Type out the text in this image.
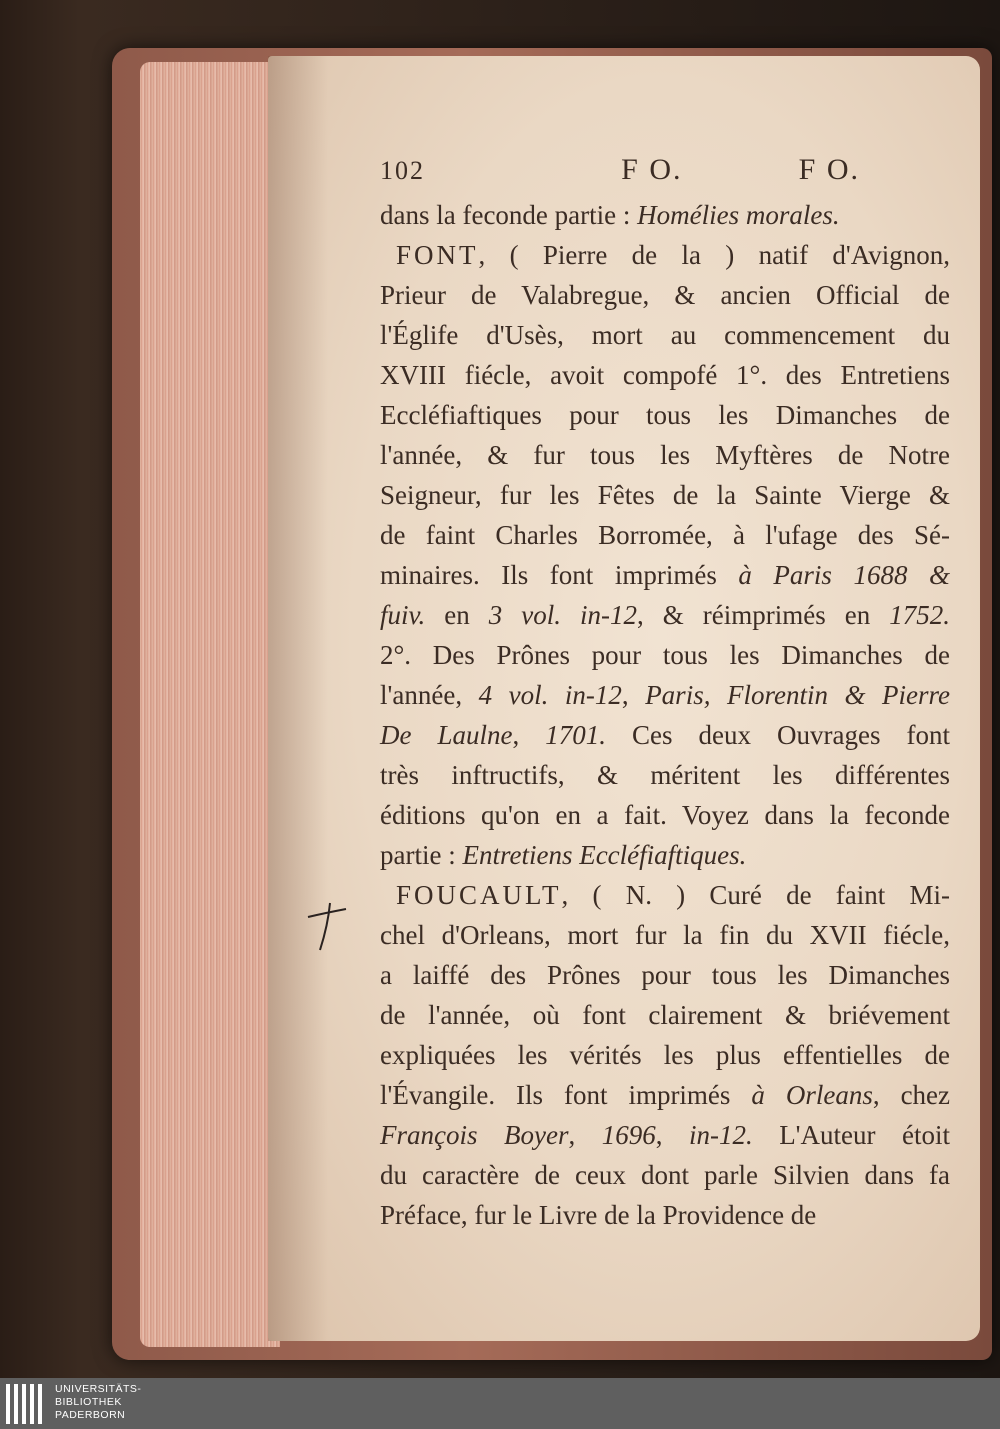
102	F O.	F O.
dans la feconde partie : Homélies morales.
FONT, ( Pierre de la ) natif d'Avignon,
Prieur de Valabregue, & ancien Official de
l'Églife d'Usès, mort au commencement du
XVIII fiécle, avoit compofé 1°. des Entretiens
Eccléfiaftiques pour tous les Dimanches de
l'année, & fur tous les Myftères de Notre
Seigneur, fur les Fêtes de la Sainte Vierge &
de faint Charles Borromée, à l'ufage des Sé-
minaires. Ils font imprimés à Paris 1688 &
fuiv. en 3 vol. in-12, & réimprimés en 1752.
2°. Des Prônes pour tous les Dimanches de
l'année, 4 vol. in-12, Paris, Florentin & Pierre
De Laulne, 1701. Ces deux Ouvrages font
très inftructifs, & méritent les différentes
éditions qu'on en a fait. Voyez dans la feconde
partie : Entretiens Eccléfiaftiques.
FOUCAULT, ( N. ) Curé de faint Mi-
chel d'Orleans, mort fur la fin du XVII fiécle,
a laiffé des Prônes pour tous les Dimanches
de l'année, où font clairement & briévement
expliquées les vérités les plus effentielles de
l'Évangile. Ils font imprimés à Orleans, chez
François Boyer, 1696, in-12. L'Auteur étoit
du caractère de ceux dont parle Silvien dans fa
Préface, fur le Livre de la Providence de
UNIVERSITÄTS-
BIBLIOTHEK
PADERBORN
